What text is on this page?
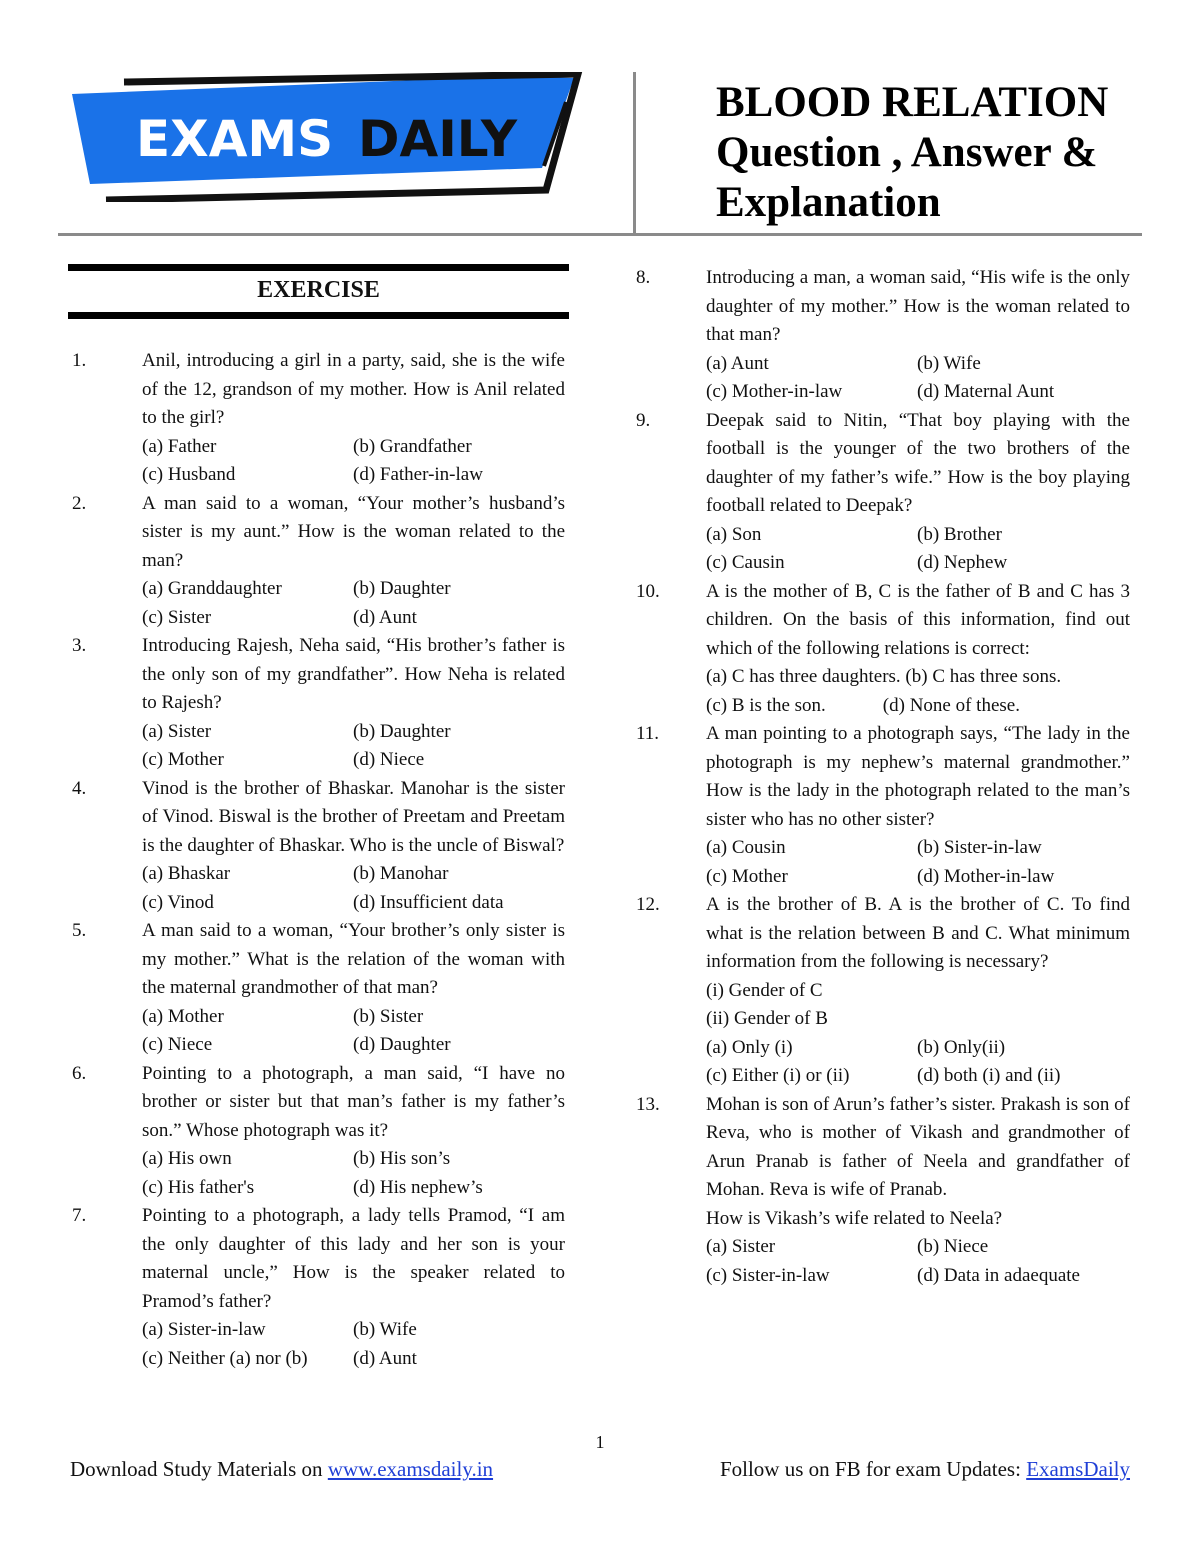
EXAMS DAILY
BLOOD RELATION
Question , Answer &
Explanation
EXERCISE
1.	Anil, introducing a girl in a party, said, she is the wife of the 12, grandson of my mother. How is Anil related to the girl?
(a) Father	(b) Grandfather
(c) Husband	(d) Father-in-law
2.	A man said to a woman, “Your mother’s husband’s sister is my aunt.” How is the woman related to the man?
(a) Granddaughter	(b) Daughter
(c) Sister	(d) Aunt
3.	Introducing Rajesh, Neha said, “His brother’s father is the only son of my grandfather”. How Neha is related to Rajesh?
(a) Sister	(b) Daughter
(c) Mother	(d) Niece
4.	Vinod is the brother of Bhaskar. Manohar is the sister of Vinod. Biswal is the brother of Preetam and Preetam is the daughter of Bhaskar. Who is the uncle of Biswal?
(a) Bhaskar	(b) Manohar
(c) Vinod	(d) Insufficient data
5.	A man said to a woman, “Your brother’s only sister is my mother.” What is the relation of the woman with the maternal grandmother of that man?
(a) Mother	(b) Sister
(c) Niece	(d) Daughter
6.	Pointing to a photograph, a man said, “I have no brother or sister but that man’s father is my father’s son.” Whose photograph was it?
(a) His own	(b) His son’s
(c) His father's	(d) His nephew’s
7.	Pointing to a photograph, a lady tells Pramod, “I am the only daughter of this lady and her son is your maternal uncle,” How is the speaker related to Pramod’s father?
(a) Sister-in-law	(b) Wife
(c) Neither (a) nor (b)	(d) Aunt
8.	Introducing a man, a woman said, “His wife is the only daughter of my mother.” How is the woman related to that man?
(a) Aunt	(b) Wife
(c) Mother-in-law	(d) Maternal Aunt
9.	Deepak said to Nitin, “That boy playing with the football is the younger of the two brothers of the daughter of my father’s wife.” How is the boy playing football related to Deepak?
(a) Son	(b) Brother
(c) Causin	(d) Nephew
10. A is the mother of B, C is the father of B and C has 3 children. On the basis of this information, find out which of the following relations is correct:
(a) C has three daughters. (b) C has three sons.
(c) B is the son.            (d) None of these.
11. A man pointing to a photograph says, “The lady in the photograph is my nephew’s maternal grandmother.” How is the lady in the photograph related to the man’s sister who has no other sister?
(a) Cousin	(b) Sister-in-law
(c) Mother	(d) Mother-in-law
12. A is the brother of B. A is the brother of C. To find what is the relation between B and C. What minimum information from the following is necessary?
(i) Gender of C
(ii) Gender of B
(a) Only (i)	(b) Only(ii)
(c) Either (i) or (ii)	(d) both (i) and (ii)
13. Mohan is son of Arun’s father’s sister. Prakash is son of Reva, who is mother of Vikash and grandmother of Arun Pranab is father of Neela and grandfather of Mohan. Reva is wife of Pranab.
How is Vikash’s wife related to Neela?
(a) Sister	(b) Niece
(c) Sister-in-law	(d) Data in adaequate
1
Download Study Materials on www.examsdaily.in	Follow us on FB for exam Updates: ExamsDaily
